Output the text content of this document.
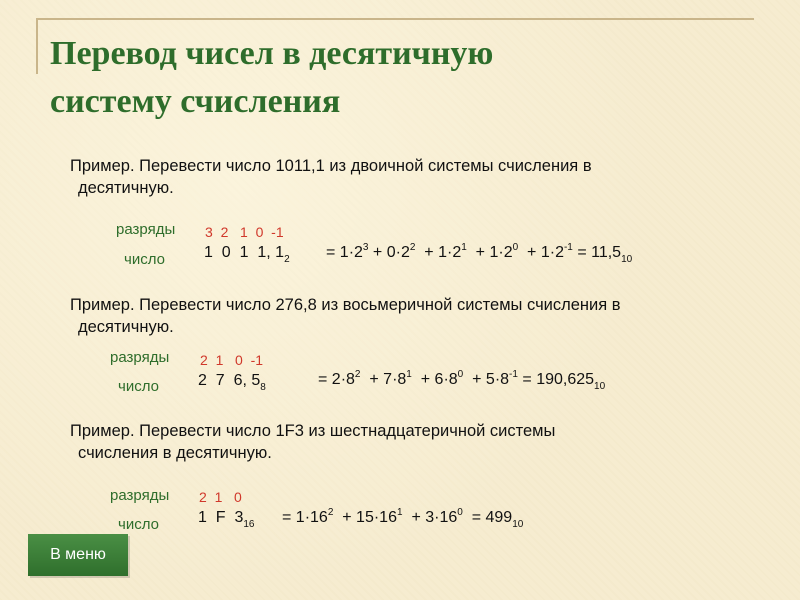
Перевод чисел в десятичную
систему счисления
Пример. Перевести число 1011,1 из двоичной системы счисления в
десятичную.
разряды 3  2   1  0  -1
число 1  0  1  1, $1_2 = 1\cdot 2^3 + 0\cdot 2^2 + 1\cdot 2^1 + 1\cdot 2^0 + 1\cdot 2^{-1} = 11,5_{10}$
Пример. Перевести число 276,8 из восьмеричной системы счисления в
десятичную.
разряды 2  1   0  -1
число 2  7  6, $5_8$	= $2\cdot 8^2 + 7\cdot 8^1 + 6\cdot 8^0 + 5\cdot 8^{-1} = 190,625_{10}$
Пример. Перевести число 1F3 из шестнадцатеричной системы
счисления в десятичную.
разряды 2  1   0
число 1  F  $3_{16} = 1\cdot 16^2 + 15\cdot 16^1 + 3\cdot 16^0 = 499_{10}$
В меню
